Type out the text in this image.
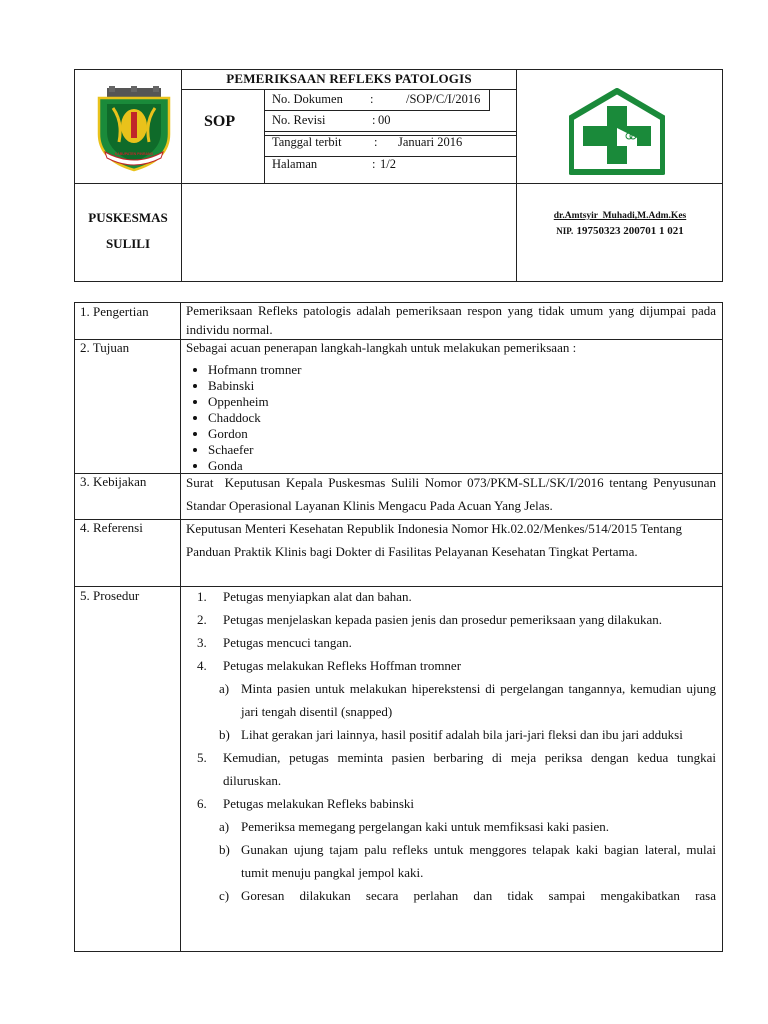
PEMERIKSAAN REFLEKS PATOLOGIS
SOP
No. Dokumen :	/SOP/C/I/2016
No. Revisi	: 00
Tanggal terbit	: Januari 2016
Halaman	: 1/2
KABUPATEN PINRANG
PUSKESMAS
SULILI
dr.Amtsyir  Muhadi,M.Adm.Kes
NIP. 19750323 200701 1 021
1. Pengertian	Pemeriksaan Refleks patologis adalah pemeriksaan respon yang tidak umum yang dijumpai pada individu normal.
2. Tujuan	Sebagai acuan penerapan langkah-langkah untuk melakukan pemeriksaan :
• Hofmann tromner
• Babinski
• Oppenheim
• Chaddock
• Gordon
• Schaefer
• Gonda
3. Kebijakan	Surat  Keputusan Kepala Puskesmas Sulili Nomor 073/PKM-SLL/SK/I/2016 tentang Penyusunan Standar Operasional Layanan Klinis Mengacu Pada Acuan Yang Jelas.
4. Referensi	Keputusan Menteri Kesehatan Republik Indonesia Nomor Hk.02.02/Menkes/514/2015 Tentang Panduan Praktik Klinis bagi Dokter di Fasilitas Pelayanan Kesehatan Tingkat Pertama.
5. Prosedur	1. Petugas menyiapkan alat dan bahan.
2. Petugas menjelaskan kepada pasien jenis dan prosedur pemeriksaan yang dilakukan.
3. Petugas mencuci tangan.
4. Petugas melakukan Refleks Hoffman tromner
a) Minta pasien untuk melakukan hiperekstensi di pergelangan tangannya, kemudian ujung jari tengah disentil (snapped)
b) Lihat gerakan jari lainnya, hasil positif adalah bila jari-jari fleksi dan ibu jari adduksi
5. Kemudian, petugas meminta pasien berbaring di meja periksa dengan kedua tungkai diluruskan.
6. Petugas melakukan Refleks babinski
a) Pemeriksa memegang pergelangan kaki untuk memfiksasi kaki pasien.
b) Gunakan ujung tajam palu refleks untuk menggores telapak kaki bagian lateral, mulai tumit menuju pangkal jempol kaki.
c) Goresan dilakukan secara perlahan dan tidak sampai mengakibatkan rasa
